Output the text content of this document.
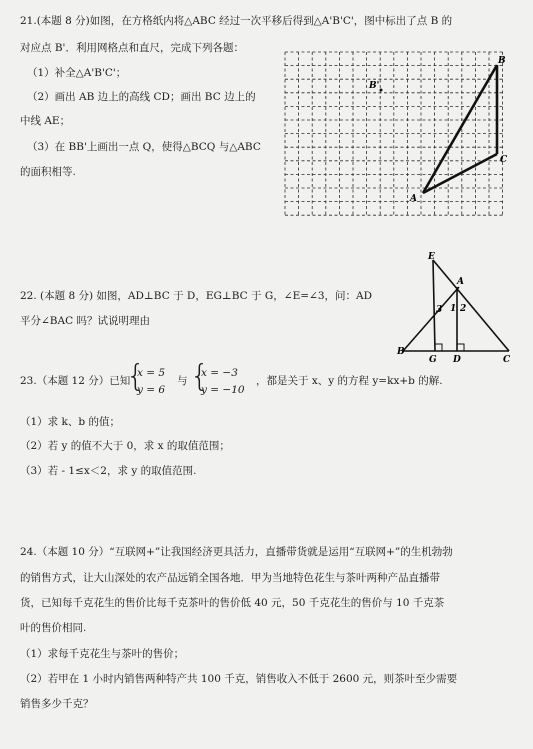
21.(本题 8 分)如图，在方格纸内将△ABC 经过一次平移后得到△A'B'C'，图中标出了点 B 的
对应点 B'．利用网格点和直尺，完成下列各题：
（1）补全△A'B'C'；
（2）画出 AB 边上的高线 CD；画出 BC 边上的
中线 AE；
（3）在 BB'上画出一点 Q，使得△BCQ 与△ABC
的面积相等.
B
B'
C
A
22. (本题 8 分) 如图，AD⊥BC 于 D，EG⊥BC 于 G，∠E=∠3，问：AD
平分∠BAC 吗？试说明理由
E
A
B
G D	C
1 2
3
23.（本题 12 分）已知
{
x = 5
y = 6
与 {
x = −3
y = −10
，都是关于 x、y 的方程 y=kx+b 的解.
（1）求 k、b 的值；
（2）若 y 的值不大于 0，求 x 的取值范围；
（3）若 - 1≤x＜2，求 y 的取值范围.
24.（本题 10 分）“互联网+”让我国经济更具活力，直播带货就是运用“互联网+”的生机勃勃
的销售方式，让大山深处的农产品远销全国各地．甲为当地特色花生与茶叶两种产品直播带
货，已知每千克花生的售价比每千克茶叶的售价低 40 元，50 千克花生的售价与 10 千克茶
叶的售价相同.
（1）求每千克花生与茶叶的售价；
（2）若甲在 1 小时内销售两种特产共 100 千克，销售收入不低于 2600 元，则茶叶至少需要
销售多少千克？
